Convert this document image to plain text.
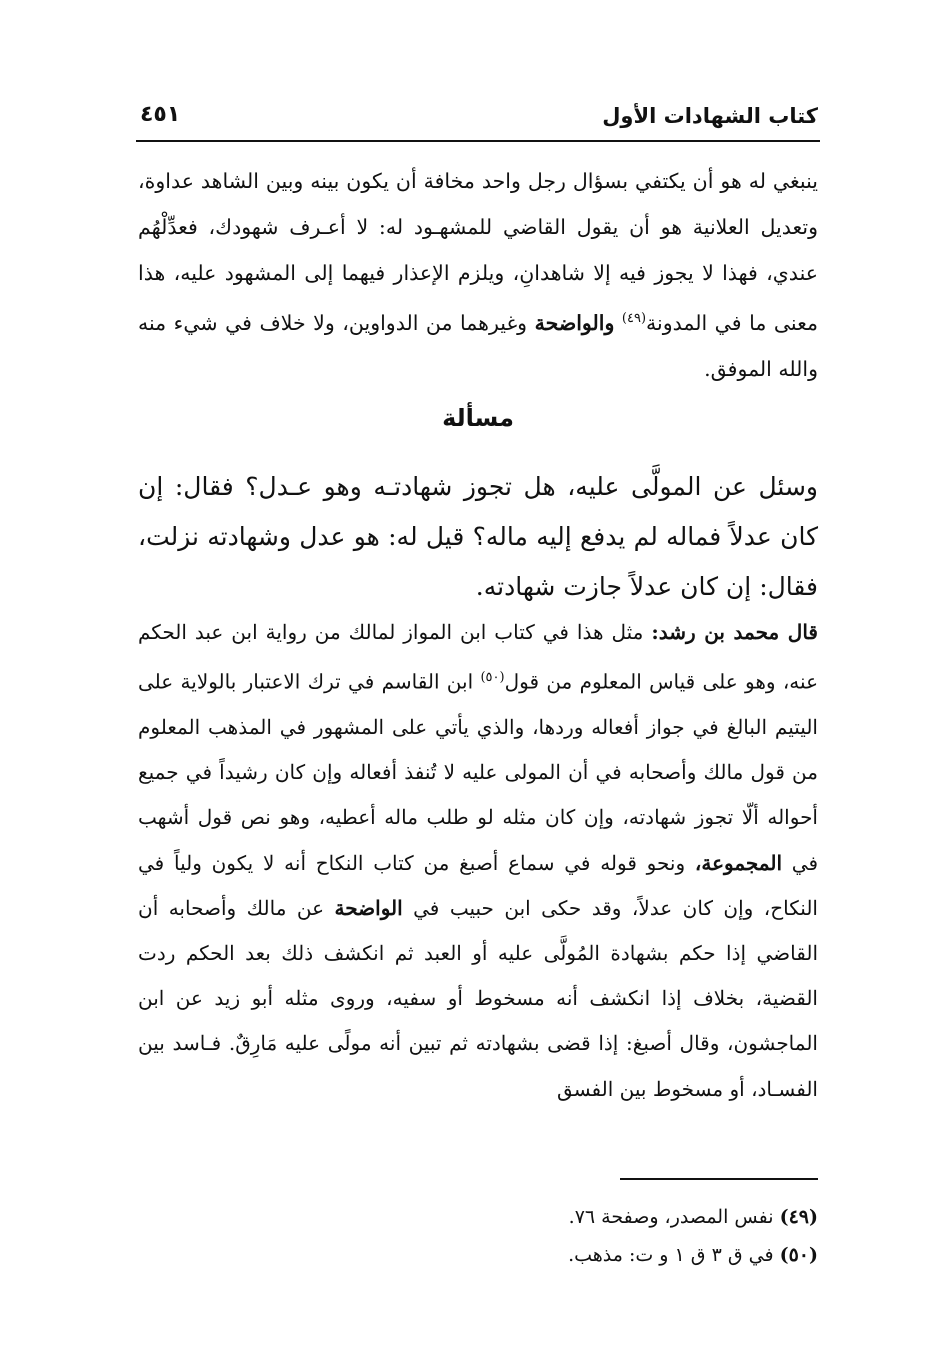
كتاب الشهادات الأول
٤٥١
ينبغي له هو أن يكتفي بسؤال رجل واحد مخافة أن يكون بينه وبين الشاهد عداوة، وتعديل العلانية هو أن يقول القاضي للمشهـود له: لا أعـرف شهودك، فعدِّلْهُم عندي، فهذا لا يجوز فيه إلا شاهدانِ، ويلزم الإعذار فيهما إلى المشهود عليه، هذا معنى ما في المدونة$^{(٤٩)}$ والواضحة وغيرهما من الدواوين، ولا خلاف في شيء منه والله الموفق.
مسألة
وسئل عن المولَّى عليه، هل تجوز شهادتـه وهو عـدل؟ فقال: إن كان عدلاً فماله لم يدفع إليه ماله؟ قيل له: هو عدل وشهادته نزلت، فقال: إن كان عدلاً جازت شهادته.
قال محمد بن رشد: مثل هذا في كتاب ابن المواز لمالك من رواية ابن عبد الحكم عنه، وهو على قياس المعلوم من قول$^{(٥٠)}$ ابن القاسم في ترك الاعتبار بالولاية على اليتيم البالغ في جواز أفعاله وردها، والذي يأتي على المشهور في المذهب المعلوم من قول مالك وأصحابه في أن المولى عليه لا تُنفذ أفعاله وإن كان رشيداً في جميع أحواله ألّا تجوز شهادته، وإن كان مثله لو طلب ماله أعطيه، وهو نص قول أشهب في المجموعة، ونحو قوله في سماع أصبغ من كتاب النكاح أنه لا يكون ولياً في النكاح، وإن كان عدلاً، وقد حكى ابن حبيب في الواضحة عن مالك وأصحابه أن القاضي إذا حكم بشهادة المُولَّى عليه أو العبد ثم انكشف ذلك بعد الحكم ردت القضية، بخلاف إذا انكشف أنه مسخوط أو سفيه، وروى مثله أبو زيد عن ابن الماجشون، وقال أصبغ: إذا قضى بشهادته ثم تبين أنه مولًى عليه مَارِقٌ. فـاسد بين الفسـاد، أو مسخوط بين الفسق
(٤٩) نفس المصدر، وصفحة ٧٦.
(٥٠) في ق ٣ ق ١ و ت: مذهب.
